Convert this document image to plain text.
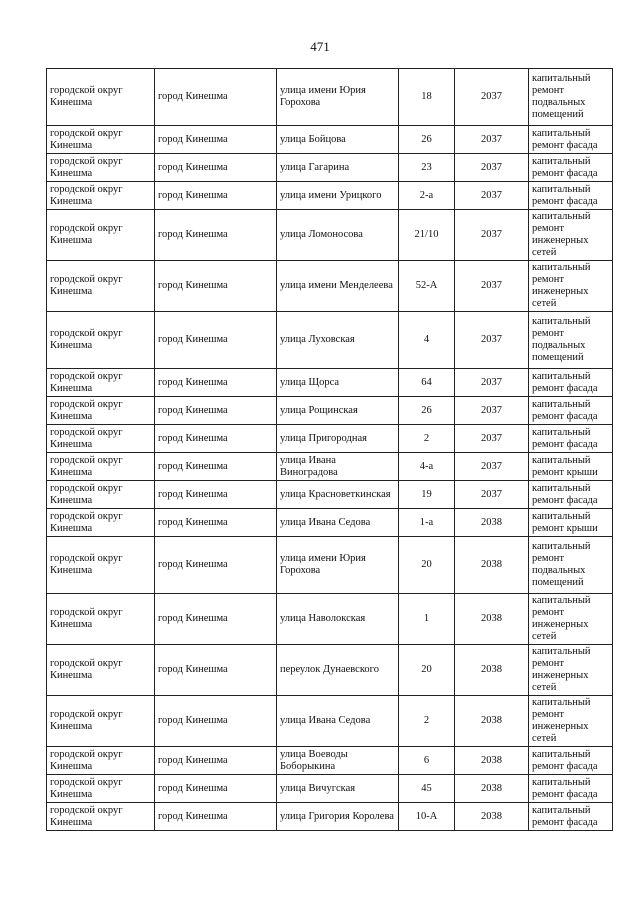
471
городской округ Кинешма	город Кинешма	улица имени Юрия Горохова	18	2037	капитальный ремонт подвальных помещений
городской округ Кинешма	город Кинешма	улица Бойцова	26	2037	капитальный ремонт фасада
городской округ Кинешма	город Кинешма	улица Гагарина	23	2037	капитальный ремонт фасада
городской округ Кинешма	город Кинешма	улица имени Урицкого	2-а	2037	капитальный ремонт фасада
городской округ Кинешма	город Кинешма	улица Ломоносова	21/10	2037	капитальный ремонт инженерных сетей
городской округ Кинешма	город Кинешма	улица имени Менделеева	52-А	2037	капитальный ремонт инженерных сетей
городской округ Кинешма	город Кинешма	улица Луховская	4	2037	капитальный ремонт подвальных помещений
городской округ Кинешма	город Кинешма	улица Щорса	64	2037	капитальный ремонт фасада
городской округ Кинешма	город Кинешма	улица Рощинская	26	2037	капитальный ремонт фасада
городской округ Кинешма	город Кинешма	улица Пригородная	2	2037	капитальный ремонт фасада
городской округ Кинешма	город Кинешма	улица Ивана Виноградова	4-а	2037	капитальный ремонт крыши
городской округ Кинешма	город Кинешма	улица Красноветкинская	19	2037	капитальный ремонт фасада
городской округ Кинешма	город Кинешма	улица Ивана Седова	1-а	2038	капитальный ремонт крыши
городской округ Кинешма	город Кинешма	улица имени Юрия Горохова	20	2038	капитальный ремонт подвальных помещений
городской округ Кинешма	город Кинешма	улица Наволокская	1	2038	капитальный ремонт инженерных сетей
городской округ Кинешма	город Кинешма	переулок Дунаевского	20	2038	капитальный ремонт инженерных сетей
городской округ Кинешма	город Кинешма	улица Ивана Седова	2	2038	капитальный ремонт инженерных сетей
городской округ Кинешма	город Кинешма	улица Воеводы Боборыкина	6	2038	капитальный ремонт фасада
городской округ Кинешма	город Кинешма	улица Вичугская	45	2038	капитальный ремонт фасада
городской округ Кинешма	город Кинешма	улица Григория Королева	10-А	2038	капитальный ремонт фасада
